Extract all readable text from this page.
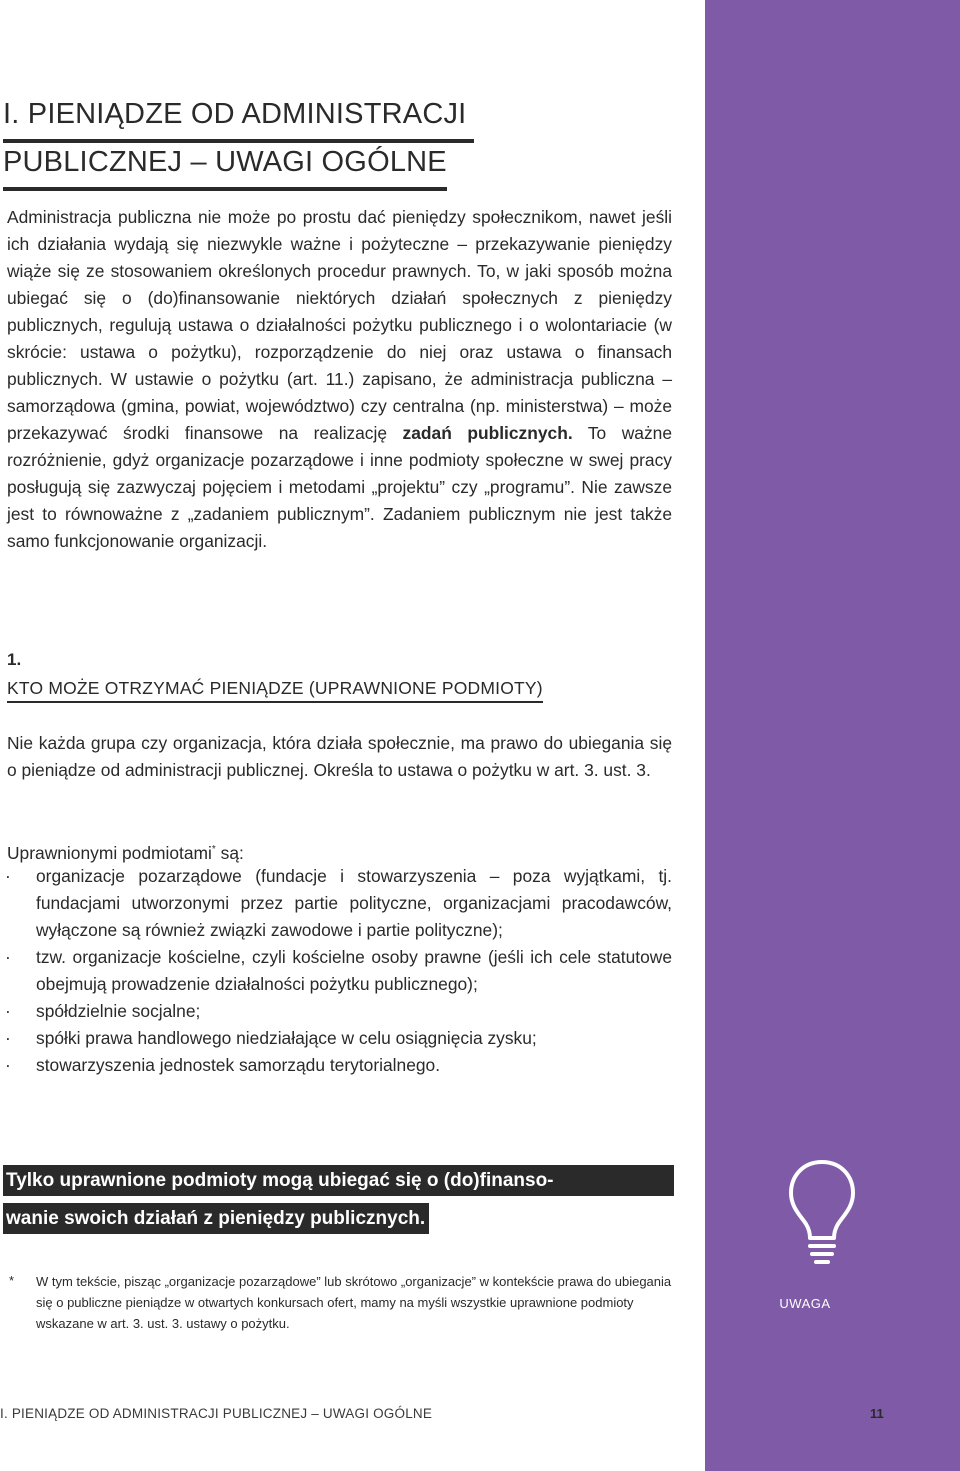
UWAGA
I. PIENIĄDZE OD ADMINISTRACJI
PUBLICZNEJ – UWAGI OGÓLNE
Administracja publiczna nie może po prostu dać pieniędzy społecznikom, nawet jeśli ich działania wydają się niezwykle ważne i pożyteczne – przekazywanie pieniędzy wiąże się ze stosowaniem określonych procedur prawnych. To, w jaki sposób można ubiegać się o (do)finansowanie niektórych działań społecznych z pieniędzy publicznych, regulują ustawa o działalności pożytku publicznego i o wolontariacie (w skrócie: ustawa o pożytku), rozporządzenie do niej oraz ustawa o finansach publicznych. W ustawie o pożytku (art. 11.) zapisano, że administracja publiczna – samorządowa (gmina, powiat, województwo) czy centralna (np. ministerstwa) – może przekazywać środki finansowe na realizację zadań publicznych. To ważne rozróżnienie, gdyż organizacje pozarządowe i inne podmioty społeczne w swej pracy posługują się zazwyczaj pojęciem i metodami „projektu” czy „programu”. Nie zawsze jest to równoważne z „zadaniem publicznym”. Zadaniem publicznym nie jest także samo funkcjonowanie organizacji.
1.
KTO MOŻE OTRZYMAĆ PIENIĄDZE (UPRAWNIONE PODMIOTY)
Nie każda grupa czy organizacja, która działa społecznie, ma prawo do ubiegania się o pieniądze od administracji publicznej. Określa to ustawa o pożytku w art. 3. ust. 3.
Uprawnionymi podmiotami* są:
· organizacje pozarządowe (fundacje i stowarzyszenia – poza wyjątkami, tj. fundacjami utworzonymi przez partie polityczne, organizacjami pracodawców, wyłączone są również związki zawodowe i partie polityczne);
· tzw. organizacje kościelne, czyli kościelne osoby prawne (jeśli ich cele statutowe obejmują prowadzenie działalności pożytku publicznego);
· spółdzielnie socjalne;
· spółki prawa handlowego niedziałające w celu osiągnięcia zysku;
· stowarzyszenia jednostek samorządu terytorialnego.
Tylko uprawnione podmioty mogą ubiegać się o (do)finanso-
wanie swoich działań z pieniędzy publicznych.
* W tym tekście, pisząc „organizacje pozarządowe” lub skrótowo „organizacje” w kontekście prawa do ubiegania się o publiczne pieniądze w otwartych konkursach ofert, mamy na myśli wszystkie uprawnione podmioty wskazane w art. 3. ust. 3. ustawy o pożytku.
I. PIENIĄDZE OD ADMINISTRACJI PUBLICZNEJ – UWAGI OGÓLNE	11
